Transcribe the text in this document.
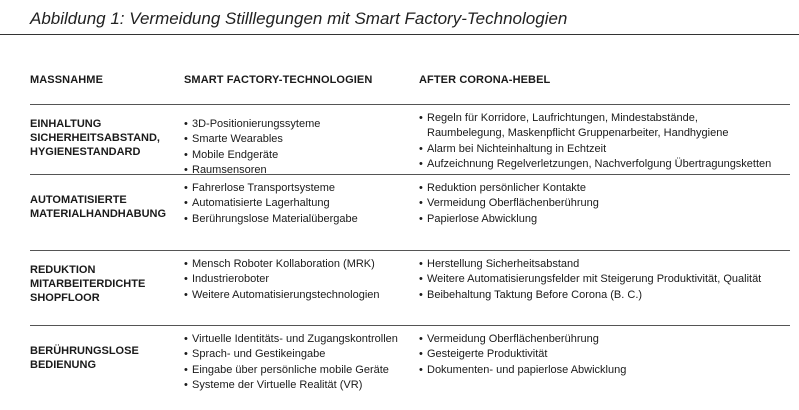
Abbildung 1: Vermeidung Stilllegungen mit Smart Factory-Technologien
MASSNAHME	SMART FACTORY-TECHNOLOGIEN	AFTER CORONA-HEBEL
EINHALTUNG
SICHERHEITSABSTAND,
HYGIENESTANDARD
• 3D-Positionierungssyteme
• Smarte Wearables
• Mobile Endgeräte
• Raumsensoren
• Regeln für Korridore, Laufrichtungen, Mindestabstände,
Raumbelegung, Maskenpflicht Gruppenarbeiter, Handhygiene
• Alarm bei Nichteinhaltung in Echtzeit
• Aufzeichnung Regelverletzungen, Nachverfolgung Übertragungsketten
AUTOMATISIERTE
MATERIALHANDHABUNG
• Fahrerlose Transportsysteme
• Automatisierte Lagerhaltung
• Berührungslose Materialübergabe
• Reduktion persönlicher Kontakte
• Vermeidung Oberflächenberührung
• Papierlose Abwicklung
REDUKTION
MITARBEITERDICHTE
SHOPFLOOR
• Mensch Roboter Kollaboration (MRK)
• Industrieroboter
• Weitere Automatisierungstechnologien
• Herstellung Sicherheitsabstand
• Weitere Automatisierungsfelder mit Steigerung Produktivität, Qualität
• Beibehaltung Taktung Before Corona (B. C.)
BERÜHRUNGSLOSE
BEDIENUNG
• Virtuelle Identitäts- und Zugangskontrollen
• Sprach- und Gestikeingabe
• Eingabe über persönliche mobile Geräte
• Systeme der Virtuelle Realität (VR)
• Vermeidung Oberflächenberührung
• Gesteigerte Produktivität
• Dokumenten- und papierlose Abwicklung
